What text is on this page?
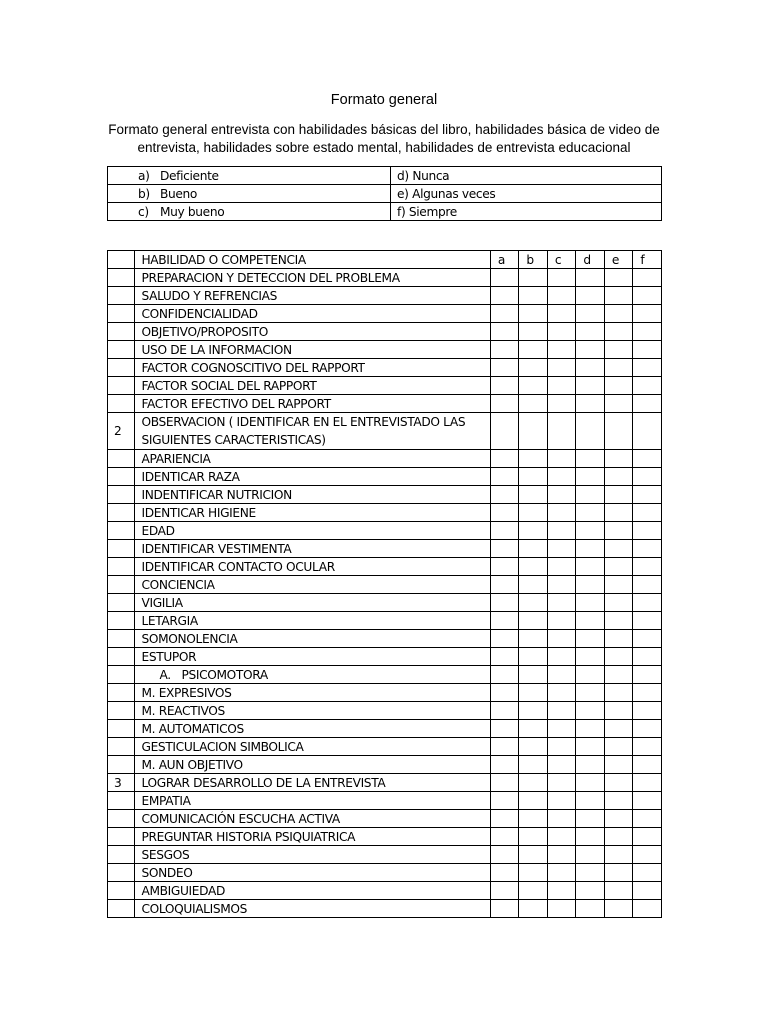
Formato general
Formato general entrevista con habilidades básicas del libro, habilidades básica de video de entrevista, habilidades sobre estado mental, habilidades de entrevista educacional
a) Deficiente	d) Nunca
b) Bueno	e) Algunas veces
c) Muy bueno	f) Siempre
	HABILIDAD O COMPETENCIA	a	b	c	d	e	f
	PREPARACION Y DETECCION DEL PROBLEMA						
	SALUDO Y REFRENCIAS						
	CONFIDENCIALIDAD						
	OBJETIVO/PROPOSITO						
	USO DE LA INFORMACION						
	FACTOR COGNOSCITIVO DEL RAPPORT						
	FACTOR SOCIAL DEL RAPPORT						
	FACTOR EFECTIVO DEL RAPPORT						
2	OBSERVACION ( IDENTIFICAR EN EL ENTREVISTADO LAS SIGUIENTES CARACTERISTICAS)						
	APARIENCIA						
	IDENTICAR RAZA						
	INDENTIFICAR NUTRICION						
	IDENTICAR HIGIENE						
	EDAD						
	IDENTIFICAR VESTIMENTA						
	IDENTIFICAR CONTACTO OCULAR						
	CONCIENCIA						
	VIGILIA						
	LETARGIA						
	SOMONOLENCIA						
	ESTUPOR						
	A. PSICOMOTORA						
	M. EXPRESIVOS						
	M. REACTIVOS						
	M. AUTOMATICOS						
	GESTICULACION SIMBOLICA						
	M. AUN OBJETIVO						
3	LOGRAR DESARROLLO DE LA ENTREVISTA						
	EMPATIA						
	COMUNICACIÓN ESCUCHA ACTIVA						
	PREGUNTAR HISTORIA PSIQUIATRICA						
	SESGOS						
	SONDEO						
	AMBIGUIEDAD						
	COLOQUIALISMOS						
